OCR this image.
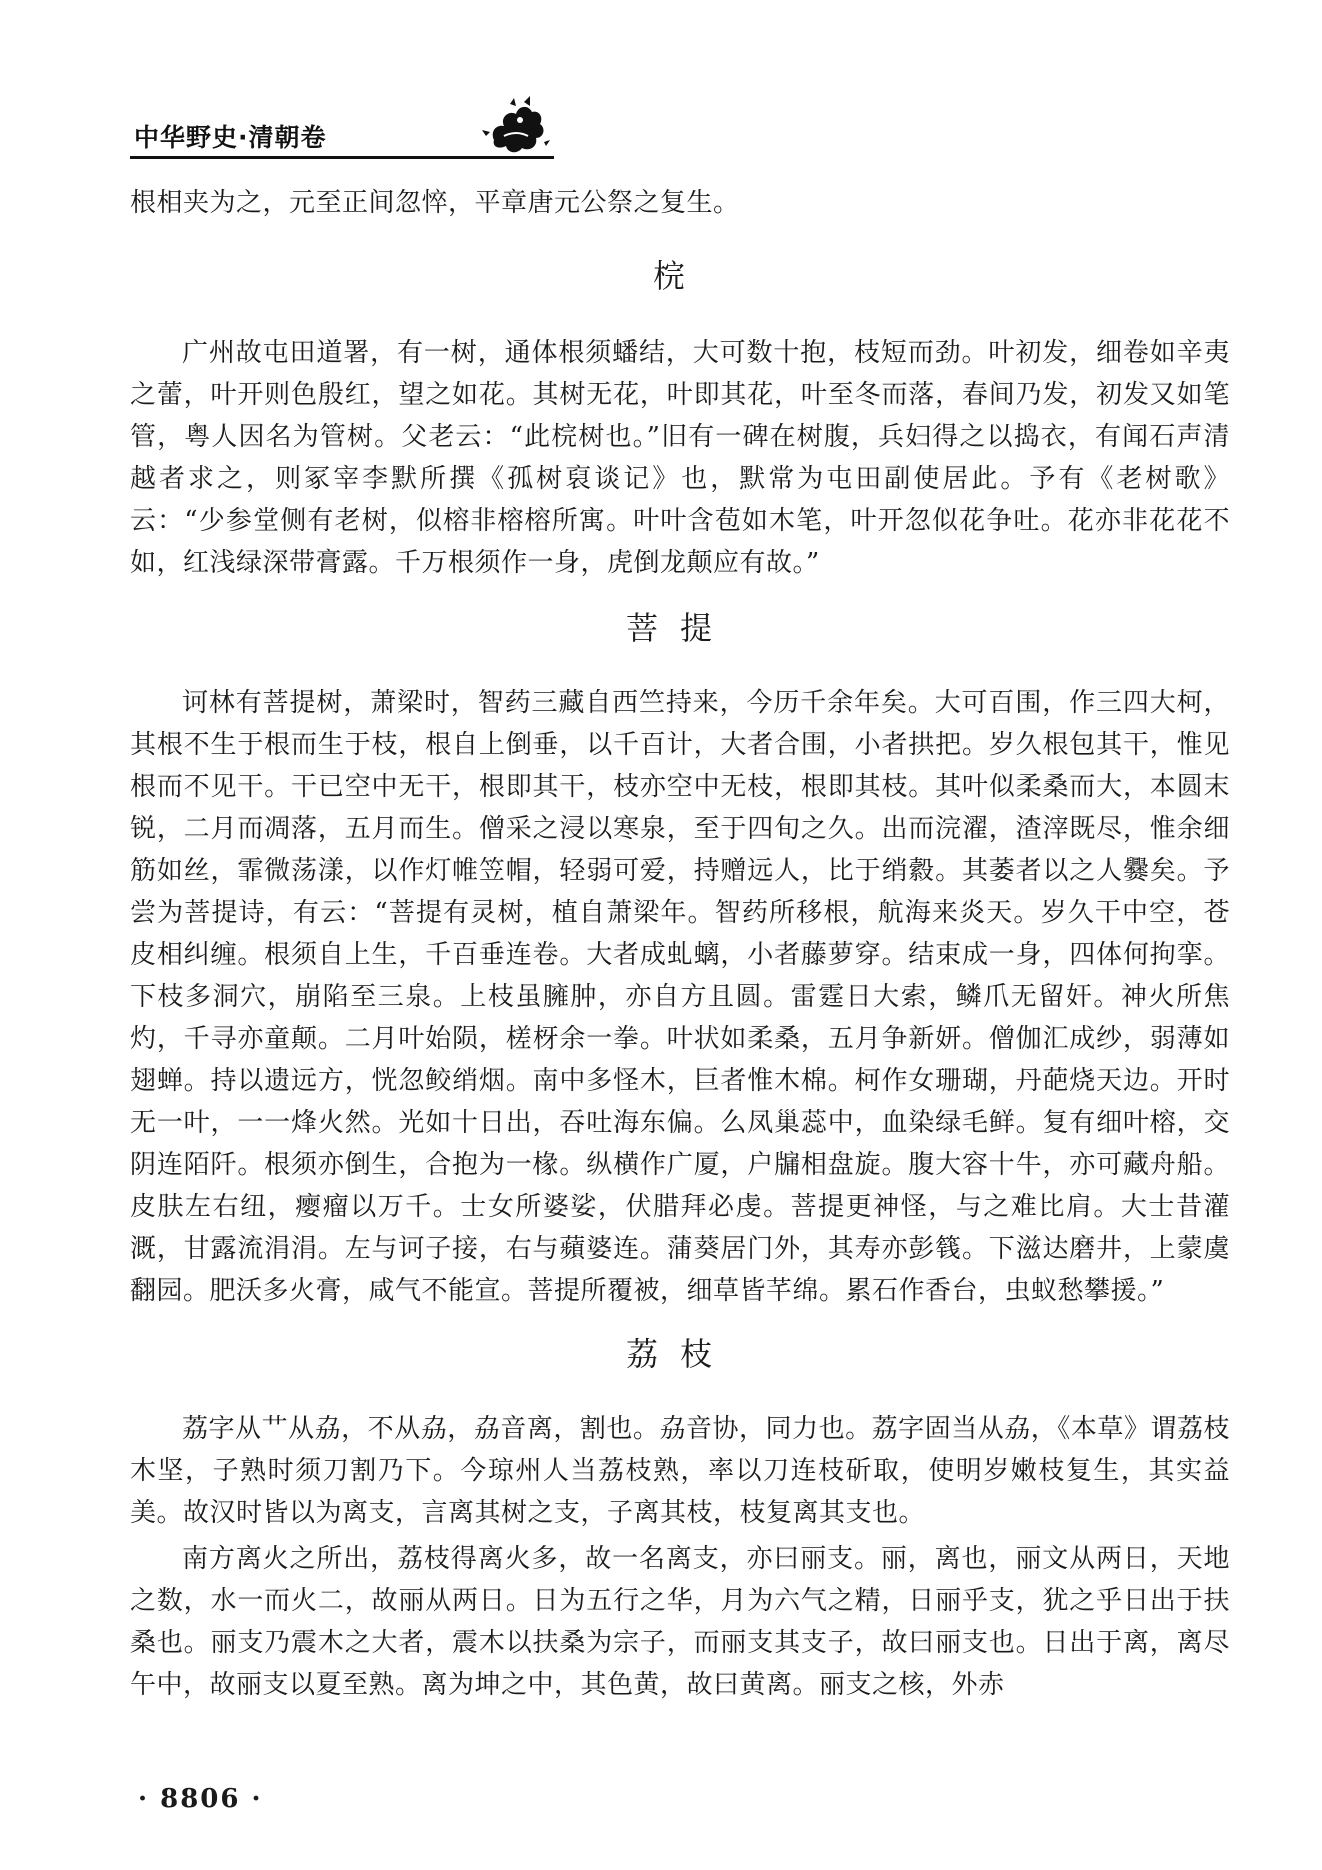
中华野史·清朝卷

根相夹为之，元至正间忽悴，平章唐元公祭之复生。

梡

广州故屯田道署，有一树，通体根须蟠结，大可数十抱，枝短而劲。叶初发，细卷如辛夷之蕾，叶开则色殷红，望之如花。其树无花，叶即其花，叶至冬而落，春间乃发，初发又如笔管，粤人因名为管树。父老云：“此梡树也。”旧有一碑在树腹，兵妇得之以捣衣，有闻石声清越者求之，则冢宰李默所撰《孤树裒谈记》也，默常为屯田副使居此。予有《老树歌》云：“少参堂侧有老树，似榕非榕榕所寓。叶叶含苞如木笔，叶开忽似花争吐。花亦非花花不如，红浅绿深带膏露。千万根须作一身，虎倒龙颠应有故。”

菩提

诃林有菩提树，萧梁时，智药三藏自西竺持来，今历千余年矣。大可百围，作三四大柯，其根不生于根而生于枝，根自上倒垂，以千百计，大者合围，小者拱把。岁久根包其干，惟见根而不见干。干已空中无干，根即其干，枝亦空中无枝，根即其枝。其叶似柔桑而大，本圆末锐，二月而凋落，五月而生。僧采之浸以寒泉，至于四旬之久。出而浣濯，渣滓既尽，惟余细筋如丝，霏微荡漾，以作灯帷笠帽，轻弱可爱，持赠远人，比于绡縠。其萎者以之人爨矣。予尝为菩提诗，有云：“菩提有灵树，植自萧梁年。智药所移根，航海来炎天。岁久干中空，苍皮相纠缠。根须自上生，千百垂连卷。大者成虬螭，小者藤萝穿。结束成一身，四体何拘挛。下枝多洞穴，崩陷至三泉。上枝虽臃肿，亦自方且圆。雷霆日大索，鳞爪无留奸。神火所焦灼，千寻亦童颠。二月叶始陨，槎枒余一拳。叶状如柔桑，五月争新妍。僧伽汇成纱，弱薄如翅蝉。持以遗远方，恍忽鲛绡烟。南中多怪木，巨者惟木棉。柯作女珊瑚，丹葩烧天边。开时无一叶，一一烽火然。光如十日出，吞吐海东偏。么凤巢蕊中，血染绿毛鲜。复有细叶榕，交阴连陌阡。根须亦倒生，合抱为一椽。纵横作广厦，户牖相盘旋。腹大容十牛，亦可藏舟船。皮肤左右纽，瘿瘤以万千。士女所婆娑，伏腊拜必虔。菩提更神怪，与之难比肩。大士昔灌溉，甘露流涓涓。左与诃子接，右与蘋婆连。蒲葵居门外，其寿亦彭篯。下滋达磨井，上蒙虞翻园。肥沃多火膏，咸气不能宣。菩提所覆被，细草皆芊绵。累石作香台，虫蚁愁攀援。”

荔枝

荔字从艹从劦，不从劦，劦音离，割也。劦音协，同力也。荔字固当从劦，《本草》谓荔枝木坚，子熟时须刀割乃下。今琼州人当荔枝熟，率以刀连枝斫取，使明岁嫩枝复生，其实益美。故汉时皆以为离支，言离其树之支，子离其枝，枝复离其支也。

南方离火之所出，荔枝得离火多，故一名离支，亦曰丽支。丽，离也，丽文从两日，天地之数，水一而火二，故丽从两日。日为五行之华，月为六气之精，日丽乎支，犹之乎日出于扶桑也。丽支乃震木之大者，震木以扶桑为宗子，而丽支其支子，故曰丽支也。日出于离，离尽午中，故丽支以夏至熟。离为坤之中，其色黄，故曰黄离。丽支之核，外赤

· 8806 ·
